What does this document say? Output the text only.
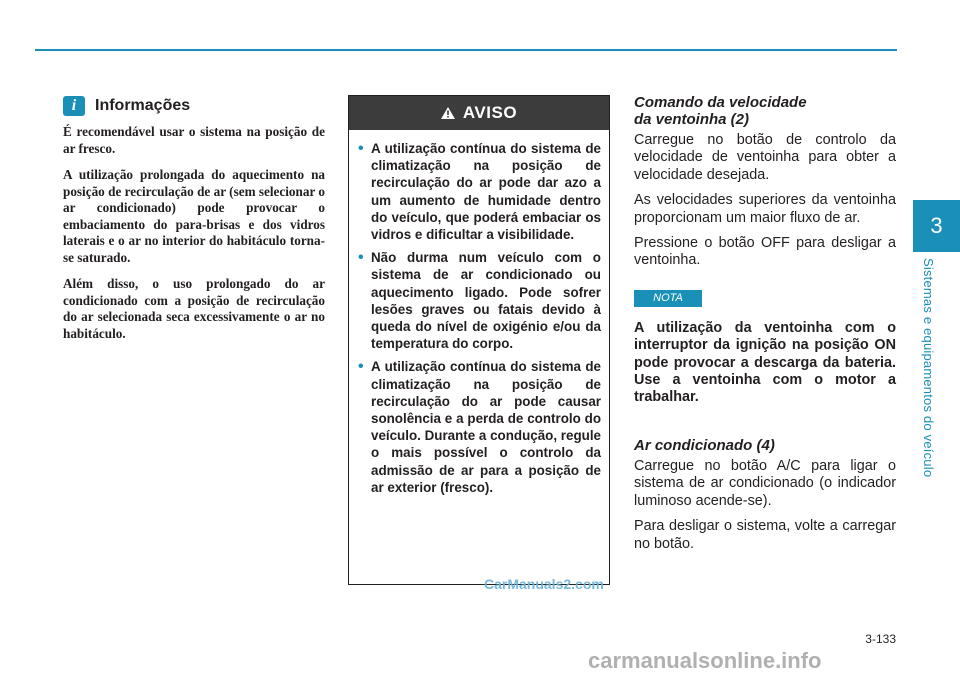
3
Sistemas e equipamentos do veículo
i	Informações

É recomendável usar o sistema na posição de ar fresco.

A utilização prolongada do aquecimento na posição de recirculação de ar (sem selecionar o ar condicionado) pode provocar o embaciamento do para-brisas e dos vidros laterais e o ar no interior do habitáculo torna-se saturado.

Além disso, o uso prolongado do ar condicionado com a posição de recirculação do ar selecionada seca excessivamente o ar no habitáculo.

AVISO
• A utilização contínua do sistema de climatização na posição de recirculação do ar pode dar azo a um aumento de humidade dentro do veículo, que poderá embaciar os vidros e dificultar a visibilidade.
• Não durma num veículo com o sistema de ar condicionado ou aquecimento ligado. Pode sofrer lesões graves ou fatais devido à queda do nível de oxigénio e/ou da temperatura do corpo.
• A utilização contínua do sistema de climatização na posição de recirculação do ar pode causar sonolência e a perda de controlo do veículo. Durante a condução, regule o mais possível o controlo da admissão de ar para a posição de ar exterior (fresco).
Comando da velocidade
da ventoinha (2)

Carregue no botão de controlo da velocidade de ventoinha para obter a velocidade desejada.

As velocidades superiores da ventoinha proporcionam um maior fluxo de ar.

Pressione o botão OFF para desligar a ventoinha.

NOTA

A utilização da ventoinha com o interruptor da ignição na posição ON pode provocar a descarga da bateria. Use a ventoinha com o motor a trabalhar.

Ar condicionado (4)

Carregue no botão A/C para ligar o sistema de ar condicionado (o indicador luminoso acende-se).

Para desligar o sistema, volte a carregar no botão.

CarManuals2.com
3-133
carmanualsonline.info
